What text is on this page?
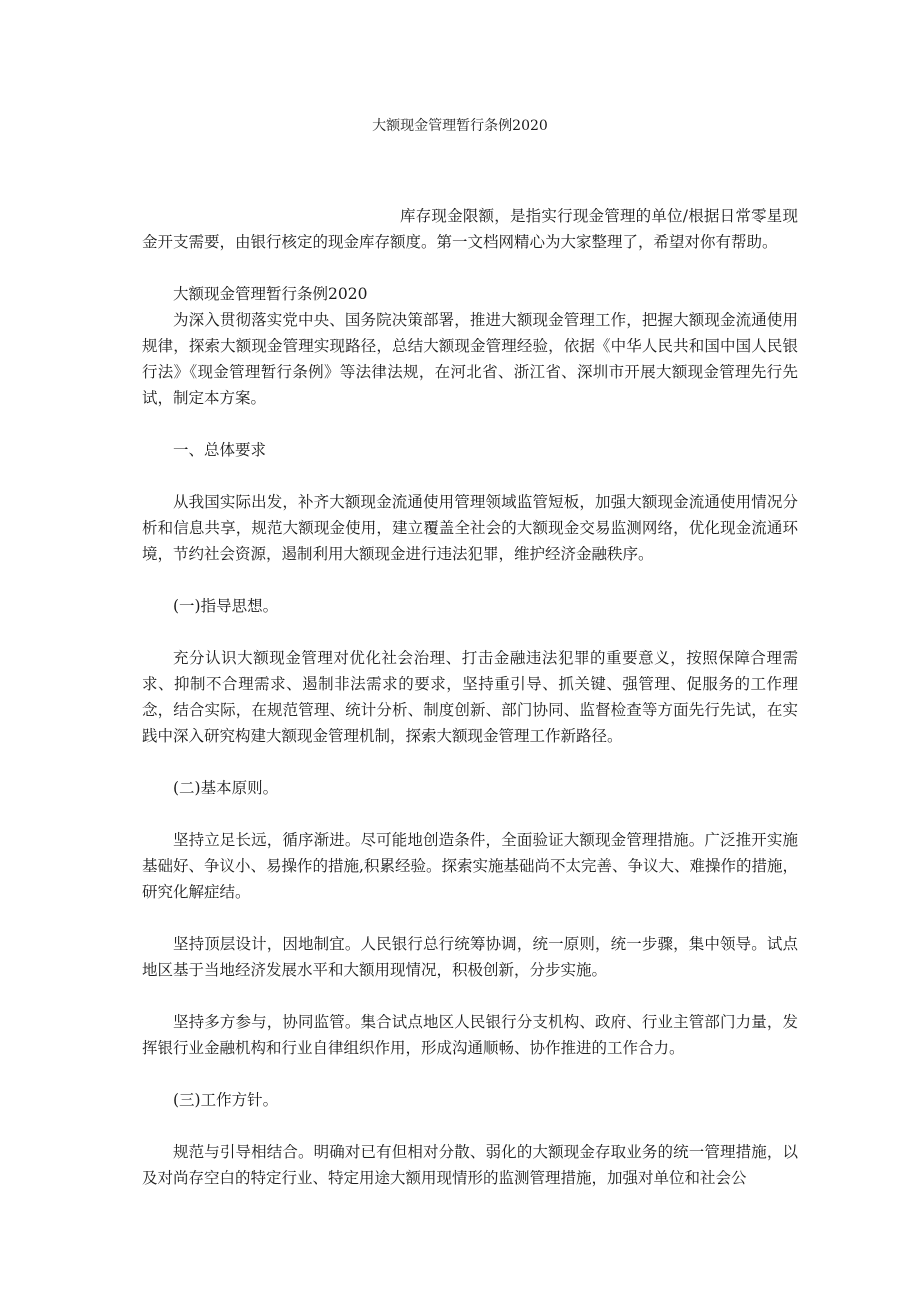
大额现金管理暂行条例2020

库存现金限额，是指实行现金管理的单位/根据日常零星现金开支需要，由银行核定的现金库存额度。第一文档网精心为大家整理了，希望对你有帮助。

大额现金管理暂行条例2020

为深入贯彻落实党中央、国务院决策部署，推进大额现金管理工作，把握大额现金流通使用规律，探索大额现金管理实现路径，总结大额现金管理经验，依据《中华人民共和国中国人民银行法》《现金管理暂行条例》等法律法规，在河北省、浙江省、深圳市开展大额现金管理先行先试，制定本方案。

一、总体要求

从我国实际出发，补齐大额现金流通使用管理领域监管短板，加强大额现金流通使用情况分析和信息共享，规范大额现金使用，建立覆盖全社会的大额现金交易监测网络，优化现金流通环境，节约社会资源，遏制利用大额现金进行违法犯罪，维护经济金融秩序。

(一)指导思想。

充分认识大额现金管理对优化社会治理、打击金融违法犯罪的重要意义，按照保障合理需求、抑制不合理需求、遏制非法需求的要求，坚持重引导、抓关键、强管理、促服务的工作理念，结合实际，在规范管理、统计分析、制度创新、部门协同、监督检查等方面先行先试，在实践中深入研究构建大额现金管理机制，探索大额现金管理工作新路径。

(二)基本原则。

坚持立足长远，循序渐进。尽可能地创造条件，全面验证大额现金管理措施。广泛推开实施基础好、争议小、易操作的措施,积累经验。探索实施基础尚不太完善、争议大、难操作的措施，研究化解症结。

坚持顶层设计，因地制宜。人民银行总行统筹协调，统一原则，统一步骤，集中领导。试点地区基于当地经济发展水平和大额用现情况，积极创新，分步实施。

坚持多方参与，协同监管。集合试点地区人民银行分支机构、政府、行业主管部门力量，发挥银行业金融机构和行业自律组织作用，形成沟通顺畅、协作推进的工作合力。

(三)工作方针。

规范与引导相结合。明确对已有但相对分散、弱化的大额现金存取业务的统一管理措施，以及对尚存空白的特定行业、特定用途大额用现情形的监测管理措施，加强对单位和社会公
